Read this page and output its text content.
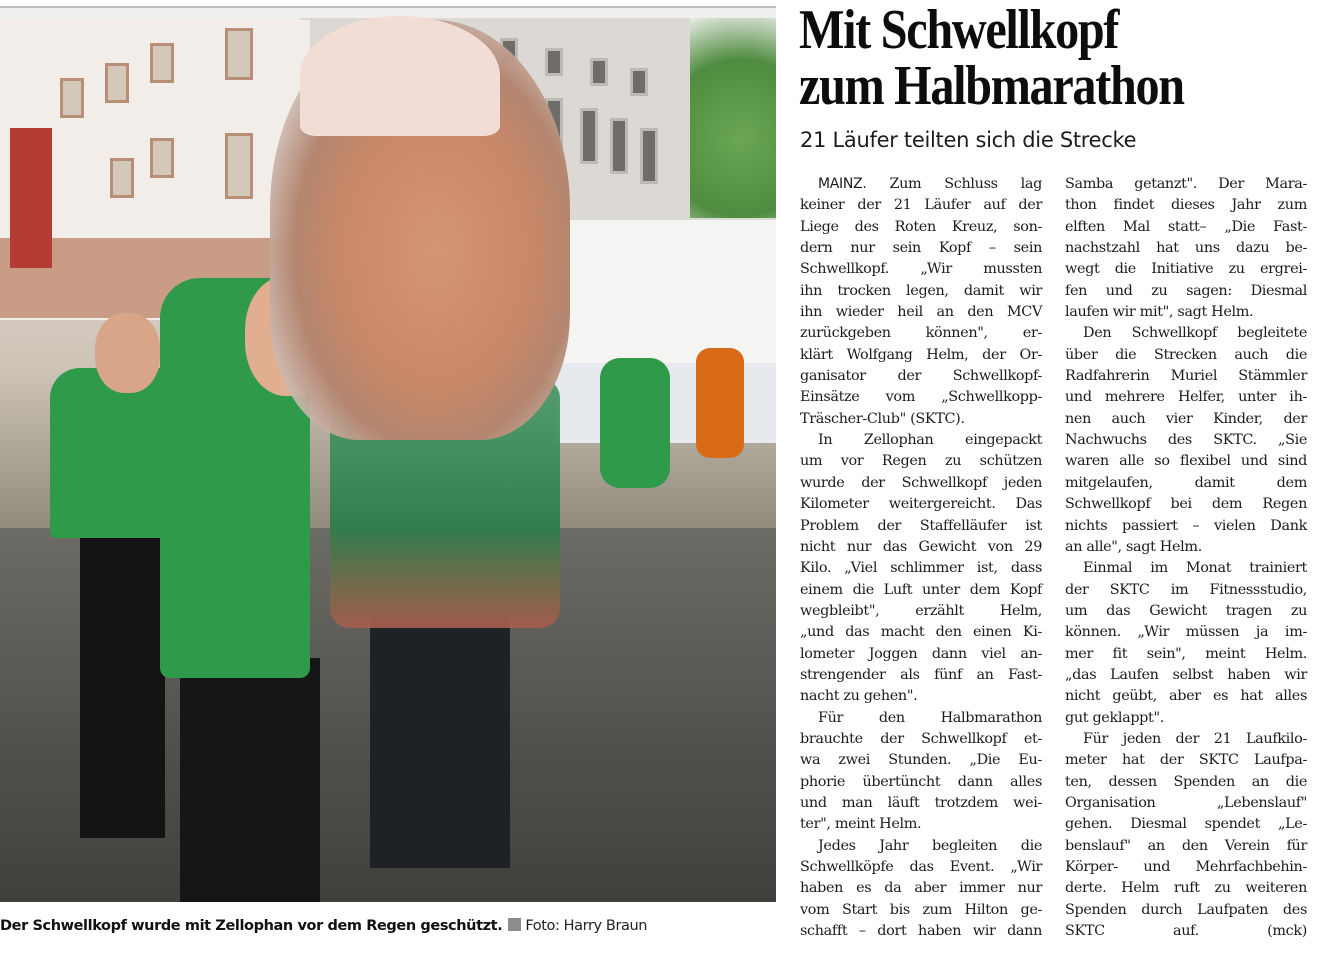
Der Schwellkopf wurde mit Zellophan vor dem Regen geschützt. Foto: Harry Braun
Mit Schwellkopf
zum Halbmarathon
21 Läufer teilten sich die Strecke
MAINZ. Zum Schluss lag
keiner der 21 Läufer auf der
Liege des Roten Kreuz, son-
dern nur sein Kopf – sein
Schwellkopf. „Wir mussten
ihn trocken legen, damit wir
ihn wieder heil an den MCV
zurückgeben können", er-
klärt Wolfgang Helm, der Or-
ganisator der Schwellkopf-
Einsätze vom „Schwellkopp-
Träscher-Club" (SKTC).
In Zellophan eingepackt
um vor Regen zu schützen
wurde der Schwellkopf jeden
Kilometer weitergereicht. Das
Problem der Staffelläufer ist
nicht nur das Gewicht von 29
Kilo. „Viel schlimmer ist, dass
einem die Luft unter dem Kopf
wegbleibt", erzählt Helm,
„und das macht den einen Ki-
lometer Joggen dann viel an-
strengender als fünf an Fast-
nacht zu gehen".
Für den Halbmarathon
brauchte der Schwellkopf et-
wa zwei Stunden. „Die Eu-
phorie übertüncht dann alles
und man läuft trotzdem wei-
ter", meint Helm.
Jedes Jahr begleiten die
Schwellköpfe das Event. „Wir
haben es da aber immer nur
vom Start bis zum Hilton ge-
schafft – dort haben wir dann
Samba getanzt". Der Mara-
thon findet dieses Jahr zum
elften Mal statt– „Die Fast-
nachstzahl hat uns dazu be-
wegt die Initiative zu ergrei-
fen und zu sagen: Diesmal
laufen wir mit", sagt Helm.
Den Schwellkopf begleitete
über die Strecken auch die
Radfahrerin Muriel Stämmler
und mehrere Helfer, unter ih-
nen auch vier Kinder, der
Nachwuchs des SKTC. „Sie
waren alle so flexibel und sind
mitgelaufen, damit dem
Schwellkopf bei dem Regen
nichts passiert – vielen Dank
an alle", sagt Helm.
Einmal im Monat trainiert
der SKTC im Fitnessstudio,
um das Gewicht tragen zu
können. „Wir müssen ja im-
mer fit sein", meint Helm.
„das Laufen selbst haben wir
nicht geübt, aber es hat alles
gut geklappt".
Für jeden der 21 Laufkilo-
meter hat der SKTC Laufpa-
ten, dessen Spenden an die
Organisation „Lebenslauf"
gehen. Diesmal spendet „Le-
benslauf" an den Verein für
Körper- und Mehrfachbehin-
derte. Helm ruft zu weiteren
Spenden durch Laufpaten des
SKTC auf.	(mck)
